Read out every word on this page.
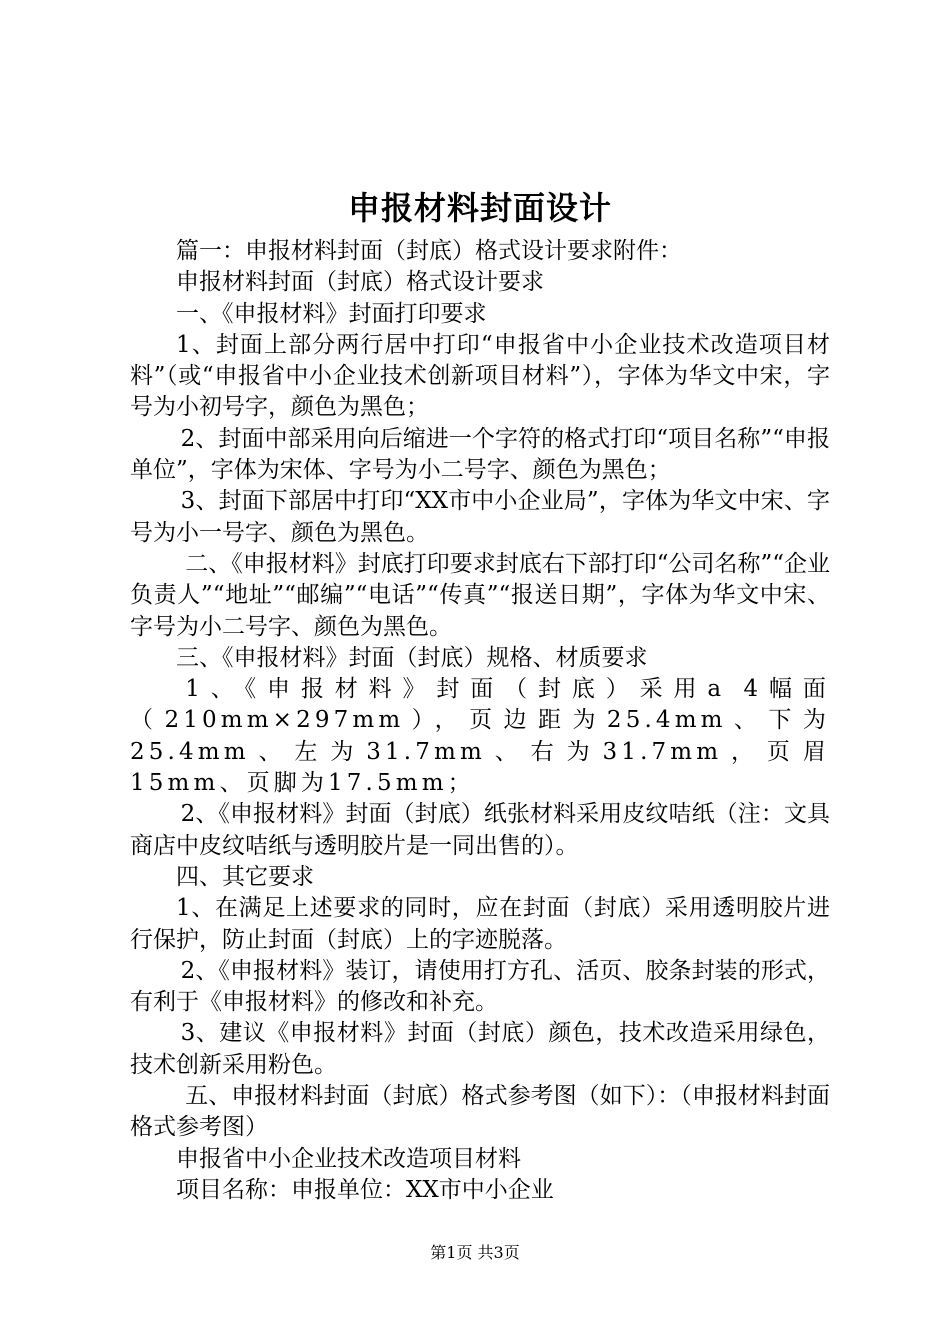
申报材料封面设计

篇一：申报材料封面（封底）格式设计要求附件：

申报材料封面（封底）格式设计要求

一、《申报材料》封面打印要求

1、封面上部分两行居中打印“申报省中小企业技术改造项目材料”（或“申报省中小企业技术创新项目材料”），字体为华文中宋，字号为小初号字，颜色为黑色；

2、封面中部采用向后缩进一个字符的格式打印“项目名称”“申报单位”，字体为宋体、字号为小二号字、颜色为黑色；

3、封面下部居中打印“XX市中小企业局”，字体为华文中宋、字号为小一号字、颜色为黑色。

二、《申报材料》封底打印要求封底右下部打印“公司名称”“企业负责人”“地址”“邮编”“电话”“传真”“报送日期”，字体为华文中宋、字号为小二号字、颜色为黑色。

三、《申报材料》封面（封底）规格、材质要求

1、《申报材料》封面（封底）采用a 4幅面（210mm×297mm），页边距为25.4mm、下为25.4mm、左为31.7mm、右为31.7mm，页眉15mm、页脚为17.5mm；

2、《申报材料》封面（封底）纸张材料采用皮纹咭纸（注：文具商店中皮纹咭纸与透明胶片是一同出售的）。

四、其它要求

1、在满足上述要求的同时，应在封面（封底）采用透明胶片进行保护，防止封面（封底）上的字迹脱落。

2、《申报材料》装订，请使用打方孔、活页、胶条封装的形式，有利于《申报材料》的修改和补充。

3、建议《申报材料》封面（封底）颜色，技术改造采用绿色，技术创新采用粉色。

五、申报材料封面（封底）格式参考图（如下）：（申报材料封面格式参考图）

申报省中小企业技术改造项目材料

项目名称：申报单位：XX市中小企业

第1页 共3页
